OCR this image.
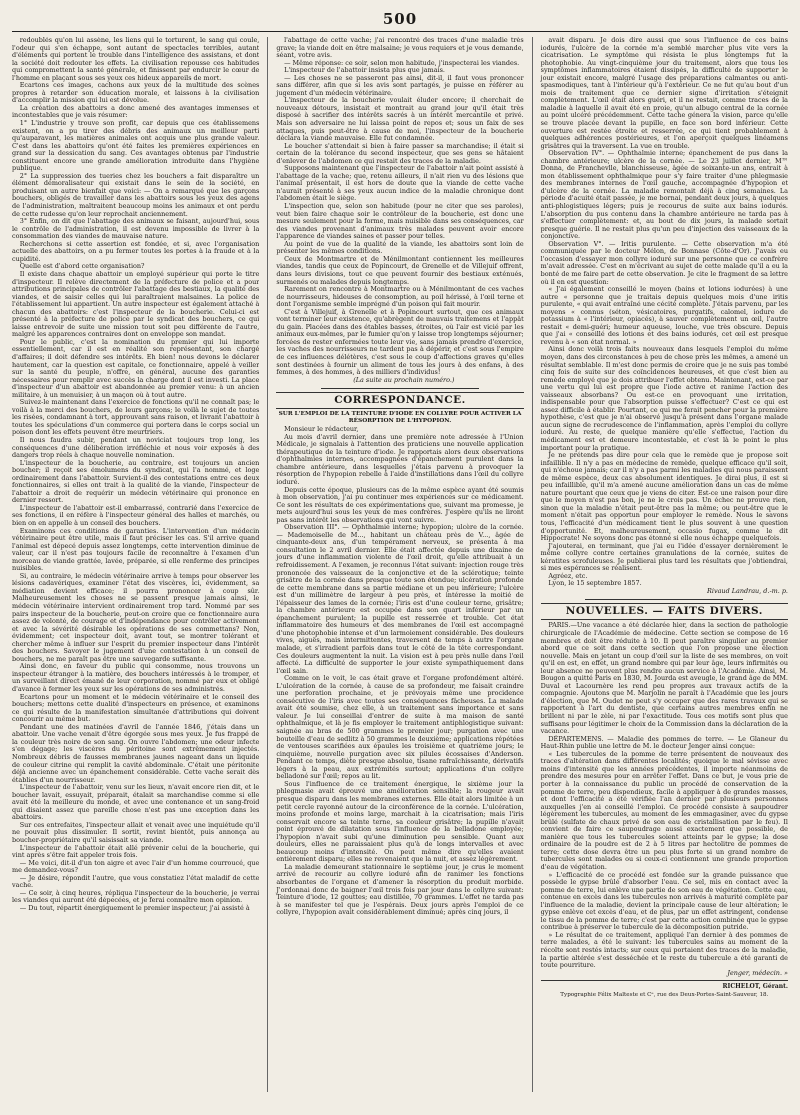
500

redoublés qu'on lui assène, les liens qui le torturent, le sang qui coule, l'odeur qui s'en échappe, sont autant de spectacles terribles, autant d'éléments qui portent le trouble dans l'intelligence des assistans, et dont la société doit redouter les effets. La civilisation repousse ces habitudes qui compromettent la santé générale, et finissent par endurcir le cœur de l'homme en plaçant sous ses yeux ces hideux appareils de mort.

Ecartons ces images, cachons aux yeux de la multitude des scènes propres à retarder son éducation morale, et laissons à la civilisation d'accomplir la mission qui lui est dévolue.

La création des abattoirs a donc amené des avantages immenses et incontestables que je vais résumer:

1° L'industrie y trouve son profit, car depuis que ces établissemens existent, on a pu tirer des débris des animaux un meilleur parti qu'auparavant, les matières animales ont acquis une plus grande valeur. C'est dans les abattoirs qu'ont été faites les premières expériences en grand sur la dessication du sang. Ces avantages obtenus par l'industrie constituent encore une grande amélioration introduite dans l'hygiène publique.

2° La suppression des tueries chez les bouchers a fait disparaître un élément démoralisateur qui existait dans le sein de la société, en produisant un autre bienfait que voici: — On a remarqué que les garçons bouchers, obligés de travailler dans les abattoirs sous les yeux des agens de l'administration, maltraitent beaucoup moins les animaux et ont perdu de cette rudesse qu'on leur reprochait anciennement.

3° Enfin, on dit que l'abattage des animaux se faisant, aujourd'hui, sous le contrôle de l'administration, il est devenu impossible de livrer à la consommation des viandes de mauvaise nature.

Recherchons si cette assertion est fondée, et si, avec l'organisation actuelle des abattoirs, on a pu fermer toutes les portes à la fraude et à la cupidité.

Quelle est d'abord cette organisation?

Il existe dans chaque abattoir un employé supérieur qui porte le titre d'inspecteur. Il relève directement de la préfecture de police et a pour attributions principales de contrôler l'abattage des bestiaux, la qualité des viandes, et de saisir celles qui lui paraîtraient malsaines. La police de l'établissement lui appartient. Un autre inspecteur est également attaché à chacun des abattoirs: c'est l'inspecteur de la boucherie. Celui-ci est présenté à la préfecture de police par le syndicat des bouchers, ce qui laisse entrevoir de suite une mission tout soit peu différente de l'autre, malgré les apparences contraires dont on enveloppe son mandat.

Pour le public, c'est la nomination du premier qui lui importe essentiellement, car il est en réalité son représentant, son chargé d'affaires; il doit défendre ses intérêts. Eh bien! nous devons le déclarer hautement, car la question est capitale, ce fonctionnaire, appelé à veiller sur la santé du peuple, n'offre, en général, aucune des garanties nécessaires pour remplir avec succès la charge dont il est investi. La place d'inspecteur d'un abattoir est abandonnée au premier venu: à un ancien militaire, à un menuisier, à un maçon où à tout autre.

Suivez-le maintenant dans l'exercice de fonctions qu'il ne connaît pas; le voilà à la merci des bouchers, de leurs garçons; le voilà le sujet de toutes les risées, condamnant à tort, approuvant sans raison, et livrant l'abattoir à toutes les spéculations d'un commerce qui portera dans le corps social un poison dont les effets peuvent être meurtriers.

Il nous faudra subir, pendant un noviciat toujours trop long, les conséquences d'une délibération irréfléchie et nous voir exposés à des dangers trop réels à chaque nouvelle nomination.

L'inspecteur de la boucherie, au contraire, est toujours un ancien boucher; il reçoit ses émolumens du syndicat, qui l'a nommé, et loge ordinairement dans l'abattoir. Survient-il des contestations entre ces deux fonctionnaires, si elles ont trait à la qualité de la viande, l'inspecteur de l'abattoir a droit de requérir un médecin vétérinaire qui prononce en dernier ressort.

L'inspecteur de l'abattoir est-il embarrassé, contrarié dans l'exercice de ses fonctions, il en réfère à l'inspecteur général des halles et marchés, ou bien on en appelle à un conseil des bouchers.

Examinons ces conditions de garanties. L'intervention d'un médecin vétérinaire peut être utile, mais il faut préciser les cas. S'il arrive quand l'animal est dépecé depuis assez longtemps, cette intervention diminue de valeur, car il n'est pas toujours facile de reconnaître à l'examen d'un morceau de viande grattée, lavée, préparée, si elle renferme des principes nuisibles.

Si, au contraire, le médecin vétérinaire arrive à temps pour observer les lésions cadavériques, examiner l'état des viscères, ici, évidemment, sa médiation devient efficace; il pourra prononcer à coup sûr. Malheureusement les choses ne se passent presque jamais ainsi, le médecin vétérinaire intervient ordinairement trop tard. Nommé par ses pairs inspecteur de la boucherie, peut-on croire que ce fonctionnaire aura assez de volonté, de courage et d'indépendance pour contrôler activement et avec la sévérité désirable les opérations de ses commettans? Non, évidemment; cet inspecteur doit, avant tout, se montrer tolérant et chercher même à influer sur l'esprit du premier inspecteur dans l'intérêt des bouchers. Savoyer le jugement d'une contestation à un conseil de bouchers, ne me paraît pas être une sauvegarde suffisante.

Ainsi donc, en faveur du public qui consomme, nous trouvons un inspecteur étranger à la matière, des bouchers intéressés à le tromper, et un surveillant direct émané de leur corporation, nommé par eux et obligé d'avance à fermer les yeux sur les opérations de ses administrés.

Ecartons pour un moment et le médecin vétérinaire et le conseil des bouchers; mettons cette dualité d'inspecteurs en présence, et examinons ce qui résulte de la manifestation simultanée d'attributions qui doivent concourir au même but.

Pendant une des matinées d'avril de l'année 1846, j'étais dans un abattoir. Une vache venait d'être égorgée sous mes yeux. Je fus frappé de la couleur très noire de son sang. On ouvre l'abdomen; une odeur infecte s'en dégage; les viscères du péritoine sont extrêmement injectés. Nombreux débris de fausses membranes jaunes nageant dans un liquide de couleur citrine qui remplit la cavité abdominale. C'était une péritonite déjà ancienne avec un épanchement considérable. Cette vache serait dès établies d'un nourrisseur.

L'inspecteur de l'abattoir, venu sur les lieux, n'avait encore rien dit, et le boucher lavait, essuyait, préparait, étalait sa marchandise comme si elle avait été la meilleure du monde, et avec une contenance et un sang-froid qui disaient assez que pareille chose n'est pas une exception dans les abattoirs.

Sur ces entrefaites, l'inspecteur allait et venait avec une inquiétude qu'il ne pouvait plus dissimuler. Il sortit, revint bientôt, puis annonça au boucher-propriétaire qu'il saisissait sa viande.

L'inspecteur de l'abattoir était allé prévenir celui de la boucherie, qui vint après s'être fait appeler trois fois.

— Me voici, dit-il d'un ton aigre et avec l'air d'un homme courroucé, que me demandez-vous?

— Je désire, répondit l'autre, que vous constatiez l'état maladif de cette vache.

— Ce soir, à cinq heures, répliqua l'inspecteur de la boucherie, je verrai les viandes qui auront été dépecées, et je ferai connaître mon opinion.

— Du tout, répartit énergiquement le premier inspecteur, j'ai assisté à

l'abattage de cette vache; j'ai rencontré des traces d'une maladie très grave; la viande doit en être malsaine; je vous requiers et je vous demande, séant, votre avis.

— Même réponse: ce soir, selon mon habitude, j'inspecterai les viandes.

L'inspecteur de l'abattoir insista plus que jamais.

— Les choses ne se passeront pas ainsi, dit-il, il faut vous prononcer sans différer, afin que si les avis sont partagés, je puisse en référer au jugement d'un médecin vétérinaire.

L'inspecteur de la boucherie voulait éluder encore; il cherchait de nouveaux détours, insistait et montrait au grand jour qu'il était très disposé à sacrifier des intérêts sacrés à un intérêt mercantile et privé. Mais son adversaire ne lui laissa point de repos et; sous un faix de ses attaques, puis peut-être à cause de moi, l'inspecteur de la boucherie déclara la viande mauvaise. Elle fut condamnée.

Le boucher s'attendait si bien à faire passer sa marchandise; il était si certain de la tolérance du second inspecteur, que ses gens se hâtaient d'enlever de l'abdomen ce qui restait des traces de la maladie.

Supposons maintenant que l'inspecteur de l'abattoir n'ait point assisté à l'abattage de la vache; que, retenu ailleurs, il n'ait rien vu des lésions que l'animal présentait, il est hors de doute que la viande de cette vache n'aurait présenté à ses yeux aucun indice de la maladie chronique dont l'abdomen était le siège.

L'inspection que, selon son habitude (pour ne citer que ses paroles), veut bien faire chaque soir le contrôleur de la boucherie, est donc une mesure seulement pour la forme, mais nuisible dans ses conséquences, car des viandes provenant d'animaux très malades peuvent avoir encore l'apparence de viandes saines et passer pour telles.

Au point de vue de la qualité de la viande, les abattoirs sont loin de présenter les mêmes conditions.

Ceux de Montmartre et de Ménilmontant contiennent les meilleures viandes, tandis que ceux de Popincourt, de Grenelle et de Villejuif offrent, dans leurs divisions, tout ce que peuvent fournir des bestiaux exténués, surmenés ou malades depuis longtemps.

Rarement on rencontre à Montmartre ou à Ménilmontant de ces vaches de nourrisseurs, hideuses de consomption, au poil hérissé, à l'œil terne et dont l'organisme semble imprégné d'un poison qui fait mourir.

C'est à Villejuif, à Grenelle et à Popincourt surtout, que ces animaux vont terminer leur existence, qu'abrègent de mauvais traitemens et l'appât du gain. Placées dans des étables basses, étroites, où l'air est vicié par les animaux eux-mêmes, par le fumier qu'on y laisse trop longtemps séjourner; forcées de rester enfermées toute leur vie, sans jamais prendre d'exercice, les vaches des nourrisseurs ne tardent pas à dépérir, et c'est sous l'empire de ces influences délétères, c'est sous le coup d'affections graves qu'elles sont destinées à fournir un aliment de tous les jours à des enfans, à des femmes, à des hommes, à des milliers d'individus!

(La suite au prochain numéro.)

CORRESPONDANCE.
SUR L'EMPLOI DE LA TEINTURE D'IODE EN COLLYRE POUR ACTIVER LA RÉSORPTION DE L'HYPOPION.

Monsieur le rédacteur,

Au mois d'avril dernier, dans une première note adressée à l'Union Médicale, je signalais à l'attention des praticiens une nouvelle application thérapeutique de la teinture d'iode. Je rapportais alors deux observations d'ophthalmies internes, accompagnées d'épanchement purulent dans la chambre antérieure, dans lesquelles j'étais parvenu à provoquer la résorption de l'hypopion rebelle à l'aide d'instillations dans l'œil du collyre ioduré.

Depuis cette époque, plusieurs cas de la même espèce ayant été soumis à mon observation, j'ai pu continuer mes expériences sur ce médicament. Ce sont les résultats de ces expérimentations que, suivant ma promesse, je mets aujourd'hui sous les yeux de mes confrères. J'espère qu'ils ne liront pas sans intérêt les observations qui vont suivre.

Observation III°. — Ophthalmie interne; hypopion; ulcère de la cornée. — Mademoiselle de M..., habitant un château près de V..., âgée de cinquante-deux ans, d'un tempérament nerveux, se présenta à ma consultation le 2 avril dernier. Elle était affectée depuis une dixaine de jours d'une inflammation violente de l'œil droit, qu'elle attribuait à un refroidissement. A l'examen, je reconnus l'état suivant: injection rouge très prononcée des vaisseaux de la conjonctive et de la sclérotique; teinte grisâtre de la cornée dans presque toute son étendue; ulcération profonde de cette membrane dans sa partie médiane et un peu inférieure; l'ulcère est d'un millimètre de largeur à peu près, et intéresse la moitié de l'épaisseur des lames de la cornée; l'iris est d'une couleur terne, grisâtre; la chambre antérieure est occupée dans son quart inférieur par un épanchement purulent; la pupille est resserrée et trouble. Cet état inflammatoire des humeurs et des membranes de l'œil est accompagné d'une photophobie intense et d'un larmoiement considérable. Des douleurs vives, aiguës, mais intermittentes, traversent de temps à autre l'organe malade, et s'irradient parfois dans tout le côté de la tête correspondant. Ces douleurs augmentent la nuit. La vision est à peu près nulle dans l'œil affecté. La difficulté de supporter le jour existe sympathiquement dans l'œil sain.

Comme on le voit, le cas était grave et l'organe profondément altéré. L'ulcération de la cornée, à cause de sa profondeur, me faisait craindre une perforation prochaine, et je prévoyais même une procidence consécutive de l'iris avec toutes ses conséquences fâcheuses. La malade avait été soumise, chez elle, à un traitement sans importance et sans valeur. Je lui conseillai d'entrer de suite à ma maison de santé ophthalmique, et là je fis employer le traitement antiphlogistique suivant: saignée au bras de 500 grammes le premier jour; purgation avec une bouteille d'eau de sedlitz à 50 grammes le deuxième; applications répétées de ventouses scarifiées aux épaules les troisième et quatrième jours; le cinquième, nouvelle purgation avec six pilules écossaises d'Anderson. Pendant ce temps, diète presque absolue, tisane rafraîchissante, dérivatifs légers à la peau, aux extrémités surtout; applications d'un collyre belladoné sur l'œil; repos au lit.

Sous l'influence de ce traitement énergique, le sixième jour la phlegmasie avait éprouvé une amélioration sensible; la rougeur avait presque disparu dans les membranes externes. Elle était alors limitée à un petit cercle rayonné autour de la circonférence de la cornée. L'ulcération, moins profonde et moins large, marchait à la cicatrisation; mais l'iris conservait encore sa teinte terne, sa couleur grisâtre; la pupille n'avait point éprouvé de dilatation sous l'influence de la belladone employée; l'hypopion n'avait subi qu'une diminution peu sensible. Quant aux douleurs, elles ne paraissaient plus qu'à de longs intervalles et avec beaucoup moins d'intensité. On peut même dire qu'elles avaient entièrement disparu; elles ne revenaient que la nuit, et assez légèrement.

La maladie demeurant stationnaire le septième jour, je crus le moment arrivé de recourir au collyre ioduré afin de ranimer les fonctions absorbantes de l'organe et d'amener la résorption du produit morbide. J'ordonnai donc de baigner l'œil trois fois par jour dans le collyre suivant: Teinture d'iode, 12 gouttes; eau distillée, 70 grammes. L'effet ne tarda pas à se manifester tel que je l'espérais. Deux jours après l'emploi de ce collyre, l'hypopion avait considérablement diminué; après cinq jours, il

avait disparu. Je dois dire aussi que sous l'influence de ces bains iodurés, l'ulcère de la cornée m'a semblé marcher plus vite vers la cicatrisation. Le symptôme qui résista le plus longtemps fut la photophobie. Au vingt-cinquième jour du traitement, alors que tous les symptômes inflammatoires étaient dissipés, la difficulté de supporter le jour existait encore, malgré l'usage des préparations calmantes ou anti-spasmodiques, tant à l'intérieur qu'à l'extérieur. Ce ne fut qu'au bout d'un mois de traitement que ce dernier signe d'irritation s'éteignit complètement. L'œil était alors guéri, et il ne restait, comme traces de la maladie à laquelle il avait été en proie, qu'un albugo central de la cornée au point ulcéré précédemment. Cette tache génera la vision, parce qu'elle se trouve placée devant la pupille, en face son bord inférieur. Cette ouverture est restée étroite et resserrée, ce qui tient probablement à quelques adhérences postérieures, et l'on aperçoit quelques linéamens grisâtres qui la traversent. La vue en trouble.

Observation IV°. — Ophthalmie interne; épanchement de pus dans la chambre antérieure; ulcère de la cornée. — Le 23 juillet dernier, M™ Donna, de Franchevlle, blanchisseuse, âgée de soixante-un ans, entrait à mon établissement ophthalmique pour s'y faire traiter d'une phlegmasie des membranes internes de l'œil gauche, accompagnée d'hypopion et d'ulcère de la cornée. La maladie remontait déjà à cinq semaines. La période d'acuité était passée, je me bornai, pendant deux jours, à quelques anti-phlogistiques légers; puis je recourus de suite aux bains iodurés. L'absorption du pus contenu dans la chambre antérieure ne tarda pas à s'effectuer complètement: et, au bout de dix jours, la malade sortait presque guérie. Il ne restait plus qu'un peu d'injection des vaisseaux de la conjonctive.

Observation V°. — Iritis purulente. — Cette observation m'a été communiquée par le docteur Mélon, de Bonnase (Côte-d'Or). J'avais eu l'occasion d'essayer mon collyre ioduré sur une personne que ce confrère m'avait adressée. C'est en m'écrivant au sujet de cette malade qu'il a eu la bonté de me faire part de cette observation. Je cite le fragment de sa lettre où il en est question:

« J'ai également conseillé le moyen (bains et lotions iodurées) à une autre « personne que je traitais depuis quelques mois d'une iritis purulente, « qui avait entraîné une cécité complète. J'étais parvenu, par les moyens « connus (séton, vésicatoires, purgatifs, calomel, iodure de potassium à « l'intérieur, opiacés), à sauver complètement un œil, l'autre restait « demi-guéri; humeur aqueuse, louche, vue très obscure. Depuis que j'ai « conseillé des lotions et des bains iodurés, cet œil est presque revenu à « son état normal. »

Ainsi donc voilà trois faits nouveaux dans lesquels l'emploi du même moyen, dans des circonstances à peu de chose près les mêmes, a amené un résultat semblable. Il m'est donc permis de croire que je ne suis pas tombé cinq fois de suite sur des coïncidences heureuses, et que c'est bien au remède employé que je dois attribuer l'effet obtenu. Maintenant, est-ce par une vertu qui lui est propre que l'iode active et ranime l'action des vaisseaux absorbans? Ou est-ce en provoquant une irritation, indispensable pour que l'absorption puisse s'effectuer? C'est ce qui est assez difficile à établir. Pourtant, ce qui me ferait pencher pour la première hypothèse, c'est que je n'ai observé jusqu'à présent dans l'organe malade aucun signe de recrudescence de l'inflammation, après l'emploi du collyre ioduré. Au reste, de quelque manière qu'elle s'effectue, l'action du médicament est et demeure incontestable, et c'est là le point le plus important pour la pratique.

Je ne prétends pas dire pour cela que le remède que je propose soit infaillible. Il n'y a pas en médecine de remède, quelque efficace qu'il soit, qui n'échoue jamais; car il n'y a pas parmi les maladies qui nous paraissent de même espèce, deux cas absolument identiques. Je dirai plus, il est si peu infaillible, qu'il m'a amené aucune amélioration dans un cas de même nature pourtant que ceux que je viens de citer. Est-ce une raison pour dire que le moyen n'est pas bon, je ne le crois pas. Un échec ne prouve rien, sinon que la maladie n'était peut-être pas la même; ou peut-être que le moment n'était pas opportun pour employer le remède. Nous le savons tous, l'efficacité d'un médicament tient le plus souvent à une question d'opportunité. Et, malheureusement, occasio fugax, comme le dit Hippocrate! Ne soyons donc pas étonné si elle nous échappe quelquefois.

J'ajouterai, en terminant, que j'ai eu l'idée d'essayer dernièrement le même collyre contre certaines granulations de la cornée, suites de kératites scrofuleuses. Je publierai plus tard les résultats que j'obtiendrai, si mes espérances se réalisent.

Agréez, etc.

Lyon, le 15 septembre 1857.

Rivaud Landrau, d.-m. p.

NOUVELLES. — FAITS DIVERS.

PARIS.—Une vacance a été déclarée hier, dans la section de pathologie chirurgicale de l'Académie de médecine. Cette section se compose de 16 membres et doit être réduite à 10. Il peut paraître singulier au premier abord que ce soit dans cette section que l'on propose une élection nouvelle. Mais en jetant un coup d'œil sur la liste de ses membres, on voit qu'il en est, en effet, un grand nombre qui par leur âge, leurs infirmités ou leur absence ne peuvent plus rendre aucun service à l'Académie. Ainsi, M. Bougon a quitté Paris en 1830, M. Jourda est aveugle, le grand âge de MM. Duval et Lacournère les rend peu propres aux travaux actifs de la compagnie. Ajoutons que M. Marjolin ne paraît à l'Académie que les jours d'élection, que M. Oudet ne peut s'y occuper que des rares travaux qui se rapportent à l'art du dentiste, que certains autres membres enfin ne brillent ni par le zèle, ni par l'exactitude. Tous ces motifs sont plus que suffisans pour légitimer le choix de la Commission dans la déclaration de la vacance.

DÉPARTEMENS. — Maladie des pommes de terre. — Le Glaneur du Haut-Rhin publie une lettre de M. le docteur Jenger ainsi conçue:

« Les tubercules de la pomme de terre présentent de nouveaux des traces d'altération dans différentes localités; quoique le mal sévisse avec moins d'intensité que les années précédentes, il importe néanmoins de prendre des mesures pour en arrêter l'effet. Dans ce but, je vous prie de porter à la connaissance du public un procédé de conservation de la pomme de terre, peu dispendieux, facile à appliquer à de grandes masses, et dont l'efficacité a été vérifiée l'an dernier par plusieurs personnes auxquelles j'en ai conseillé l'emploi. Ce procédé consiste à saupoudrer légèrement les tubercules, au moment de les emmagasiner, avec du gypse brûlé (sulfate de chaux privé de son eau de cristallisation par le feu). Il convient de faire ce saupoudrage aussi exactement que possible, de manière que tous les tubercules soient atteints par le gypse; la dose ordinaire de la poudre est de 2 à 5 litres par hectolitre de pommes de terre; cette dose devra être un peu plus forte si un grand nombre de tubercules sont malades ou si ceux-ci contiennent une grande proportion d'eau de végétation.

» L'efficacité de ce procédé est fondée sur la grande puissance que possède le gypse brûlé d'absorber l'eau. Ce sel, mis en contact avec la pomme de terre, lui enlève une partie de son eau de végétation. Cette eau, contenue en excès dans les tubercules non arrivés à maturité complète par l'influence de la maladie, devient la principale cause de leur altération; le gypse enlève cet excès d'eau, et de plus, par un effet astringent, condense le tissu de la pomme de terre; c'est par cette action combinée que le gypse contribue à préserver le tubercule de la décomposition putride.

» Le résultat de ce traitement, appliqué l'an dernier à des pommes de terre malades, a été le suivant: les tubercules sains au moment de la récolte sont restés intacts; sur ceux qui portaient des traces de la maladie, la partie altérée s'est desséchée et le reste du tubercule a été garanti de toute pourriture.

Jenger, médecin. »

RICHELOT, Gérant.
Typographie Félix Malteste et Cᵉ, rue des Deux-Portes-Saint-Sauveur, 18.
